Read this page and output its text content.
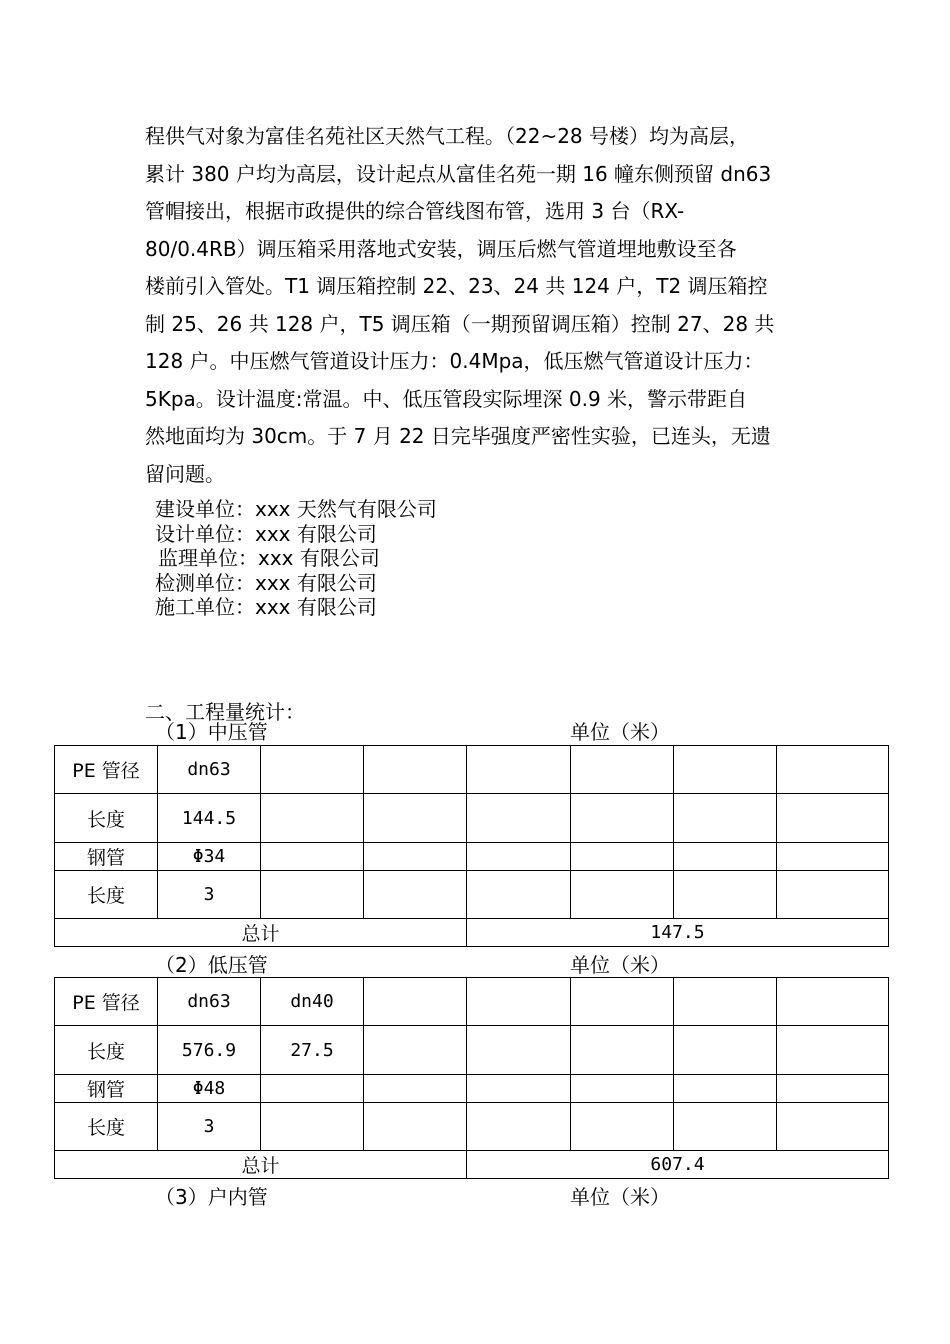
程供气对象为富佳名苑社区天然气工程。（22~28 号楼）均为高层，
累计 380 户均为高层，设计起点从富佳名苑一期 16 幢东侧预留 dn63
管帽接出，根据市政提供的综合管线图布管，选用 3 台（RX-
80/0.4RB）调压箱采用落地式安装，调压后燃气管道埋地敷设至各
楼前引入管处。T1 调压箱控制 22、23、24 共 124 户，T2 调压箱控
制 25、26 共 128 户，T5 调压箱（一期预留调压箱）控制 27、28 共
128 户。中压燃气管道设计压力：0.4Mpa，低压燃气管道设计压力：
5Kpa。设计温度:常温。中、低压管段实际埋深 0.9 米，警示带距自
然地面均为 30cm。于 7 月 22 日完毕强度严密性实验，已连头，无遗
留问题。
建设单位：xxx 天然气有限公司
设计单位：xxx 有限公司
监理单位：xxx 有限公司
检测单位：xxx 有限公司
施工单位：xxx 有限公司
二、工程量统计：
（1）中压管	单位（米）
PE 管径	dn63						
长度	144.5						
钢管	Φ34						
长度	3						
总计				147.5			
（2）低压管	单位（米）
PE 管径	dn63	dn40					
长度	576.9	27.5					
钢管	Φ48						
长度	3						
总计				607.4			
（3）户内管	单位（米）
